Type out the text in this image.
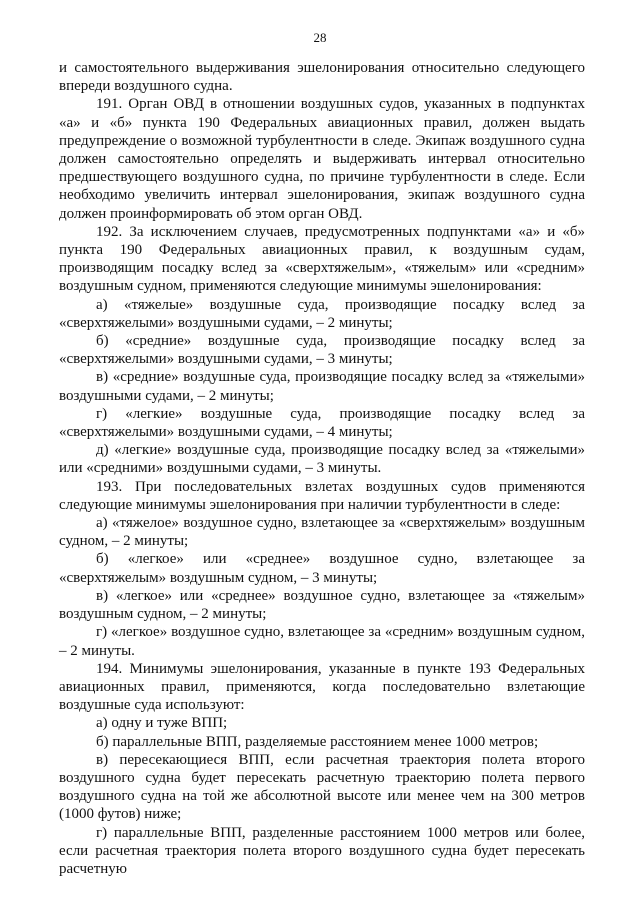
28

и самостоятельного выдерживания эшелонирования относительно следующего впереди воздушного судна.

191. Орган ОВД в отношении воздушных судов, указанных в подпунктах «а» и «б» пункта 190 Федеральных авиационных правил, должен выдать предупреждение о возможной турбулентности в следе. Экипаж воздушного судна должен самостоятельно определять и выдерживать интервал относительно предшествующего воздушного судна, по причине турбулентности в следе. Если необходимо увеличить интервал эшелонирования, экипаж воздушного судна должен проинформировать об этом орган ОВД.

192. За исключением случаев, предусмотренных подпунктами «а» и «б» пункта 190 Федеральных авиационных правил, к воздушным судам, производящим посадку вслед за «сверхтяжелым», «тяжелым» или «средним» воздушным судном, применяются следующие минимумы эшелонирования:

а) «тяжелые» воздушные суда, производящие посадку вслед за «сверхтяжелыми» воздушными судами, – 2 минуты;

б) «средние» воздушные суда, производящие посадку вслед за «сверхтяжелыми» воздушными судами, – 3 минуты;

в) «средние» воздушные суда, производящие посадку вслед за «тяжелыми» воздушными судами, – 2 минуты;

г) «легкие» воздушные суда, производящие посадку вслед за «сверхтяжелыми» воздушными судами, – 4 минуты;

д) «легкие» воздушные суда, производящие посадку вслед за «тяжелыми» или «средними» воздушными судами, – 3 минуты.

193. При последовательных взлетах воздушных судов применяются следующие минимумы эшелонирования при наличии турбулентности в следе:

а) «тяжелое» воздушное судно, взлетающее за «сверхтяжелым» воздушным судном, – 2 минуты;

б) «легкое» или «среднее» воздушное судно, взлетающее за «сверхтяжелым» воздушным судном, – 3 минуты;

в) «легкое» или «среднее» воздушное судно, взлетающее за «тяжелым» воздушным судном, – 2 минуты;

г) «легкое» воздушное судно, взлетающее за «средним» воздушным судном, – 2 минуты.

194. Минимумы эшелонирования, указанные в пункте 193 Федеральных авиационных правил, применяются, когда последовательно взлетающие воздушные суда используют:

а) одну и туже ВПП;

б) параллельные ВПП, разделяемые расстоянием менее 1000 метров;

в) пересекающиеся ВПП, если расчетная траектория полета второго воздушного судна будет пересекать расчетную траекторию полета первого воздушного судна на той же абсолютной высоте или менее чем на 300 метров (1000 футов) ниже;

г) параллельные ВПП, разделенные расстоянием 1000 метров или более, если расчетная траектория полета второго воздушного судна будет пересекать расчетную
